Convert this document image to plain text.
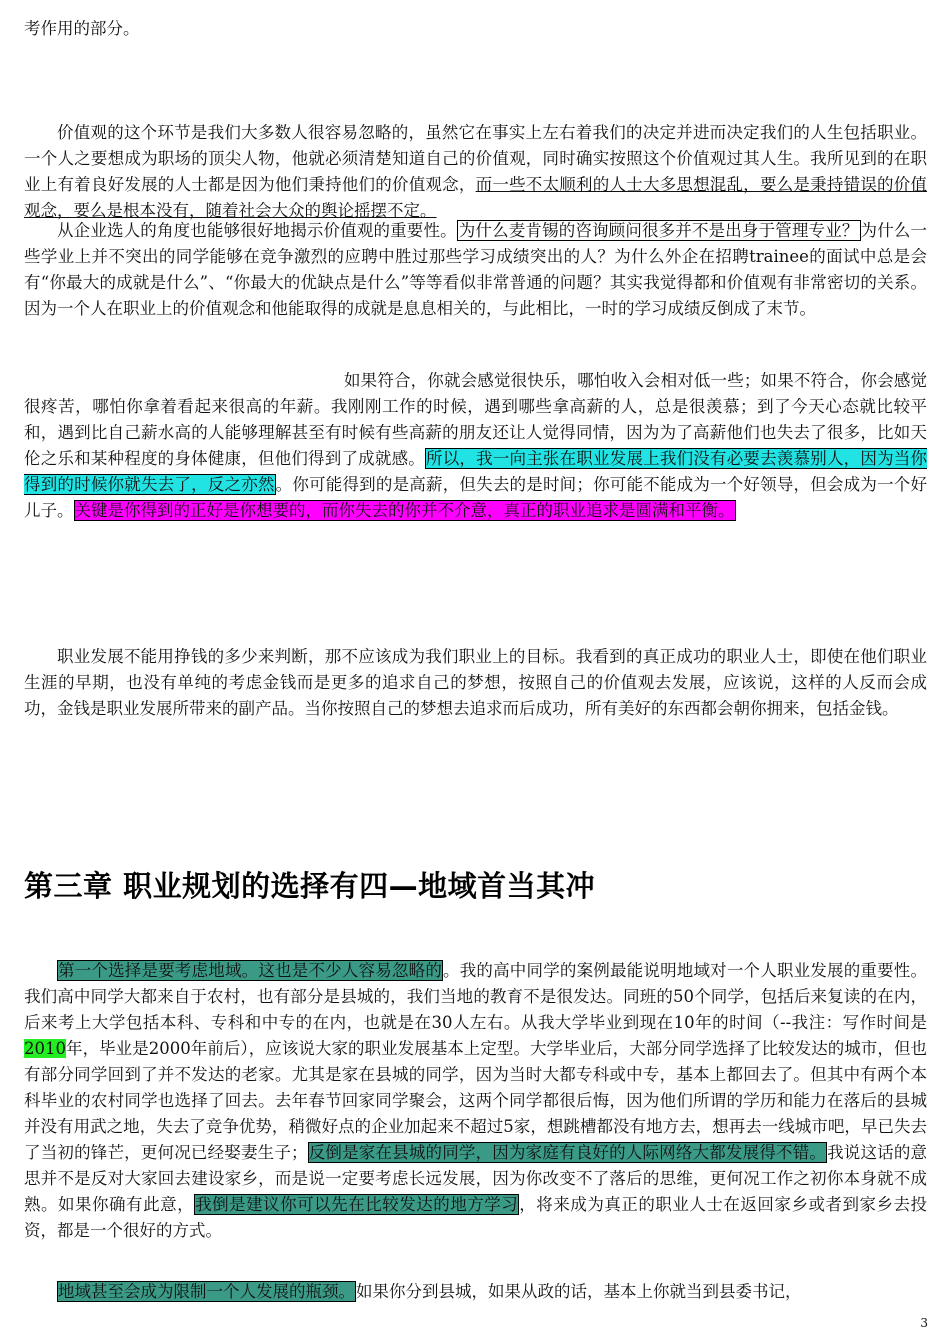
考作用的部分。

价值观的这个环节是我们大多数人很容易忽略的，虽然它在事实上左右着我们的决定并进而决定我们的人生包括职业。一个人之要想成为职场的顶尖人物，他就必须清楚知道自己的价值观，同时确实按照这个价值观过其人生。我所见到的在职业上有着良好发展的人士都是因为他们秉持他们的价值观念，而一些不太顺利的人士大多思想混乱，要么是秉持错误的价值观念，要么是根本没有，随着社会大众的舆论摇摆不定。

从企业选人的角度也能够很好地揭示价值观的重要性。 为什么麦肯锡的咨询顾问很多并不是出身于管理专业？ 为什么一些学业上并不突出的同学能够在竞争激烈的应聘中胜过那些学习成绩突出的人？为什么外企在招聘trainee的面试中总是会有“你最大的成就是什么”、“你最大的优缺点是什么”等等看似非常普通的问题？其实我觉得都和价值观有非常密切的关系。因为一个人在职业上的价值观念和他能取得的成就是息息相关的，与此相比，一时的学习成绩反倒成了末节。

如果符合，你就会感觉很快乐，哪怕收入会相对低一些；如果不符合，你会感觉很疼苦，哪怕你拿着看起来很高的年薪。我刚刚工作的时候，遇到哪些拿高薪的人，总是很羡慕；到了今天心态就比较平和，遇到比自己薪水高的人能够理解甚至有时候有些高薪的朋友还让人觉得同情，因为为了高薪他们也失去了很多，比如天伦之乐和某种程度的身体健康，但他们得到了成就感。所以，我一向主张在职业发展上我们没有必要去羡慕别人，因为当你得到的时候你就失去了，反之亦然。你可能得到的是高薪，但失去的是时间；你可能不能成为一个好领导，但会成为一个好儿子。关键是你得到的正好是你想要的，而你失去的你并不介意，真正的职业追求是圆满和平衡。

职业发展不能用挣钱的多少来判断，那不应该成为我们职业上的目标。我看到的真正成功的职业人士，即使在他们职业生涯的早期，也没有单纯的考虑金钱而是更多的追求自己的梦想，按照自己的价值观去发展，应该说，这样的人反而会成功，金钱是职业发展所带来的副产品。当你按照自己的梦想去追求而后成功，所有美好的东西都会朝你拥来，包括金钱。

第三章 职业规划的选择有四—地域首当其冲

第一个选择是要考虑地域。这也是不少人容易忽略的。我的高中同学的案例最能说明地域对一个人职业发展的重要性。我们高中同学大都来自于农村，也有部分是县城的，我们当地的教育不是很发达。同班的50个同学，包括后来复读的在内，后来考上大学包括本科、专科和中专的在内，也就是在30人左右。从我大学毕业到现在10年的时间（--我注：写作时间是2010年，毕业是2000年前后），应该说大家的职业发展基本上定型。大学毕业后，大部分同学选择了比较发达的城市，但也有部分同学回到了并不发达的老家。尤其是家在县城的同学，因为当时大都专科或中专，基本上都回去了。但其中有两个本科毕业的农村同学也选择了回去。去年春节回家同学聚会，这两个同学都很后悔，因为他们所谓的学历和能力在落后的县城并没有用武之地，失去了竞争优势，稍微好点的企业加起来不超过5家，想跳槽都没有地方去，想再去一线城市吧，早已失去了当初的锋芒，更何况已经娶妻生子；反倒是家在县城的同学，因为家庭有良好的人际网络大都发展得不错。我说这话的意思并不是反对大家回去建设家乡，而是说一定要考虑长远发展，因为你改变不了落后的思维，更何况工作之初你本身就不成熟。如果你确有此意，我倒是建议你可以先在比较发达的地方学习，将来成为真正的职业人士在返回家乡或者到家乡去投资，都是一个很好的方式。

地域甚至会成为限制一个人发展的瓶颈。如果你分到县城，如果从政的话，基本上你就当到县委书记，

3
